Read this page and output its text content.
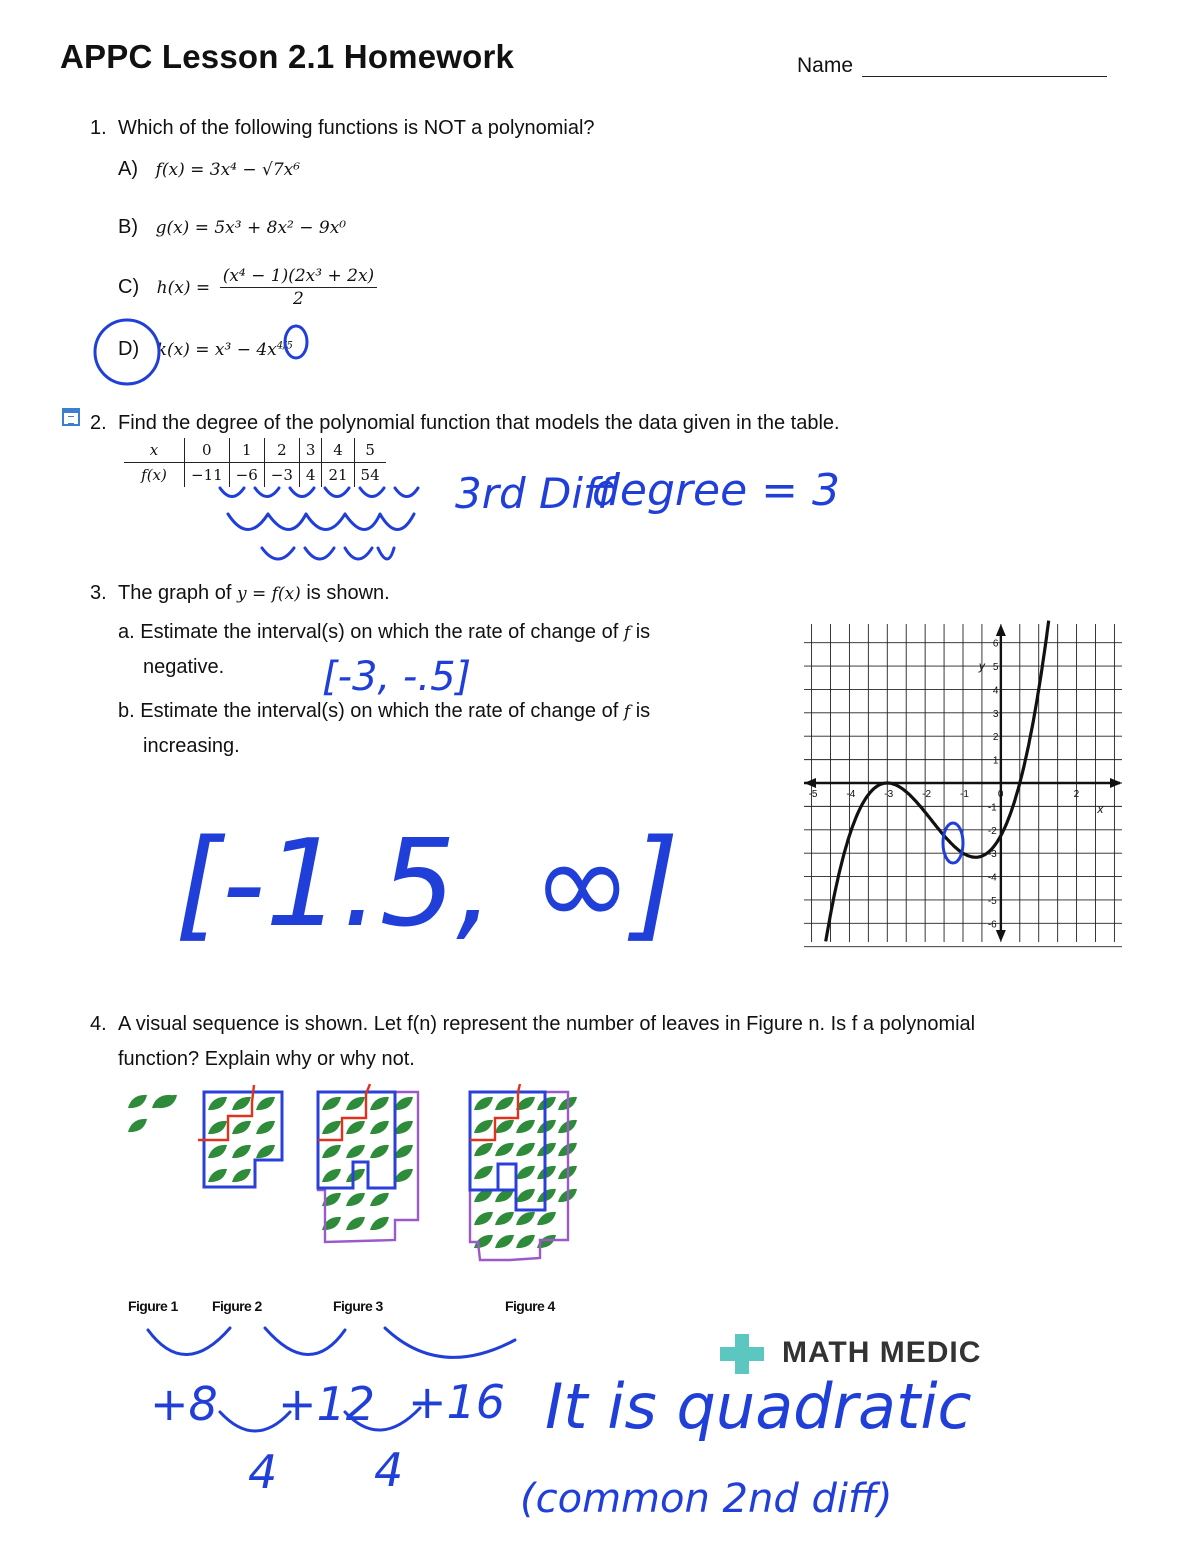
APPC Lesson 2.1 Homework	Name
1. Which of the following functions is NOT a polynomial?
A) f(x) = 3x⁴ − √7x⁶
B) g(x) = 5x³ + 8x² − 9x⁰
C) $h(x) = \frac{\text{(x⁴ − 1)(2x³ + 2x)}}{2}$
D) $k(x) = x^3 - 4x^{4/5}$
2. Find the degree of the polynomial function that models the data given in the table.
x	0	1	2	3	4	5
f(x)	−11	−6	−3	4	21	54
3. The graph of y = f(x) is shown.
a. Estimate the interval(s) on which the rate of change of f is
negative.
b. Estimate the interval(s) on which the rate of change of f is
increasing.
-5	-4	-3	-2	-1	0	2
6
5
4
3
2
1
-1
-2
-3
-4
-5
-6
x
y
4. A visual sequence is shown. Let f(n) represent the number of leaves in Figure n. Is f a polynomial
function? Explain why or why not.
Figure 1 Figure 2	Figure 3	Figure 4
MATH MEDIC
3rd Diff
degree = 3
[-3, -.5]
[-1.5, ∞]
+8 +12 +16
4 4
It is quadratic
(common 2nd diff)
